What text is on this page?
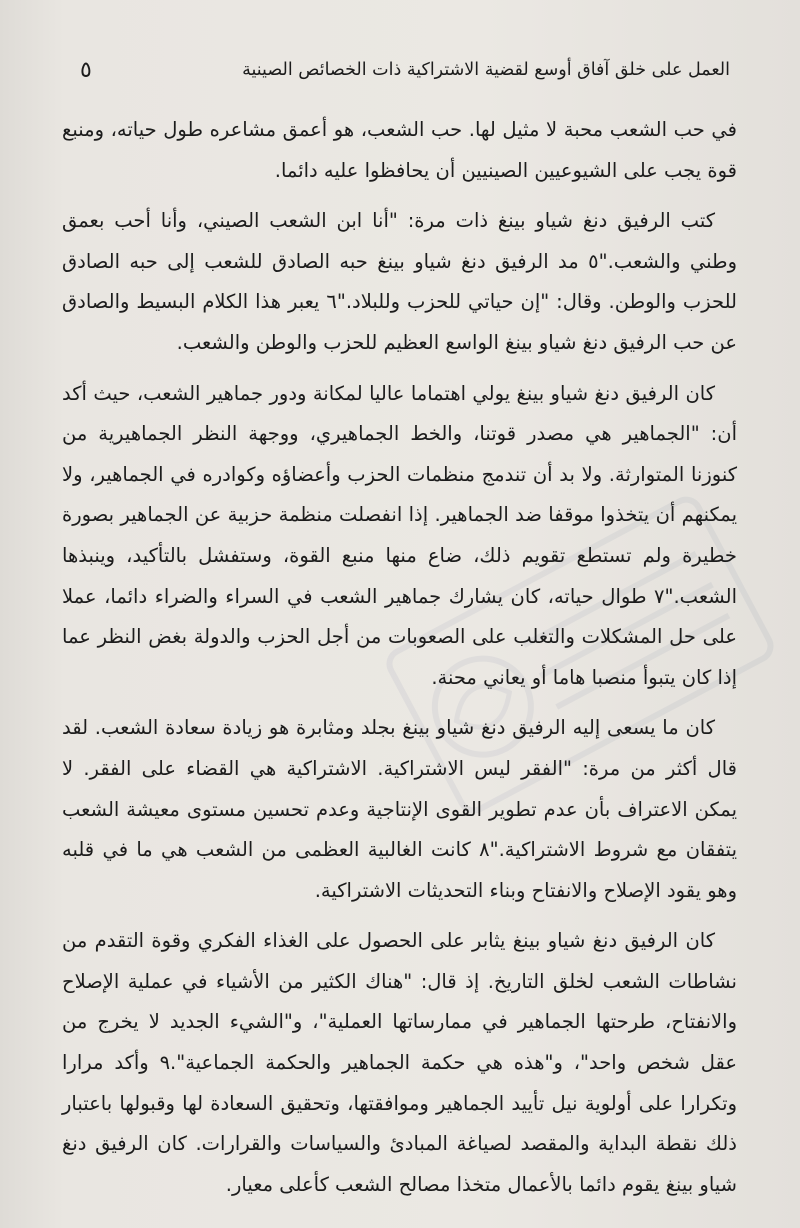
العمل على خلق آفاق أوسع لقضية الاشتراكية ذات الخصائص الصينية
٥

في حب الشعب محبة لا مثيل لها. حب الشعب، هو أعمق مشاعره طول حياته، ومنبع قوة يجب على الشيوعيين الصينيين أن يحافظوا عليه دائما.

كتب الرفيق دنغ شياو بينغ ذات مرة: "أنا ابن الشعب الصيني، وأنا أحب بعمق وطني والشعب."٥ مد الرفيق دنغ شياو بينغ حبه الصادق للشعب إلى حبه الصادق للحزب والوطن. وقال: "إن حياتي للحزب وللبلاد."٦ يعبر هذا الكلام البسيط والصادق عن حب الرفيق دنغ شياو بينغ الواسع العظيم للحزب والوطن والشعب.

كان الرفيق دنغ شياو بينغ يولي اهتماما عاليا لمكانة ودور جماهير الشعب، حيث أكد أن: "الجماهير هي مصدر قوتنا، والخط الجماهيري، ووجهة النظر الجماهيرية من كنوزنا المتوارثة. ولا بد أن تندمج منظمات الحزب وأعضاؤه وكوادره في الجماهير، ولا يمكنهم أن يتخذوا موقفا ضد الجماهير. إذا انفصلت منظمة حزبية عن الجماهير بصورة خطيرة ولم تستطع تقويم ذلك، ضاع منها منبع القوة، وستفشل بالتأكيد، وينبذها الشعب."٧ طوال حياته، كان يشارك جماهير الشعب في السراء والضراء دائما، عملا على حل المشكلات والتغلب على الصعوبات من أجل الحزب والدولة بغض النظر عما إذا كان يتبوأ منصبا هاما أو يعاني محنة.

كان ما يسعى إليه الرفيق دنغ شياو بينغ بجلد ومثابرة هو زيادة سعادة الشعب. لقد قال أكثر من مرة: "الفقر ليس الاشتراكية. الاشتراكية هي القضاء على الفقر. لا يمكن الاعتراف بأن عدم تطوير القوى الإنتاجية وعدم تحسين مستوى معيشة الشعب يتفقان مع شروط الاشتراكية."٨ كانت الغالبية العظمى من الشعب هي ما في قلبه وهو يقود الإصلاح والانفتاح وبناء التحديثات الاشتراكية.

كان الرفيق دنغ شياو بينغ يثابر على الحصول على الغذاء الفكري وقوة التقدم من نشاطات الشعب لخلق التاريخ. إذ قال: "هناك الكثير من الأشياء في عملية الإصلاح والانفتاح، طرحتها الجماهير في ممارساتها العملية"، و"الشيء الجديد لا يخرج من عقل شخص واحد"، و"هذه هي حكمة الجماهير والحكمة الجماعية".٩ وأكد مرارا وتكرارا على أولوية نيل تأييد الجماهير وموافقتها، وتحقيق السعادة لها وقبولها باعتبار ذلك نقطة البداية والمقصد لصياغة المبادئ والسياسات والقرارات. كان الرفيق دنغ شياو بينغ يقوم دائما بالأعمال متخذا مصالح الشعب كأعلى معيار.
